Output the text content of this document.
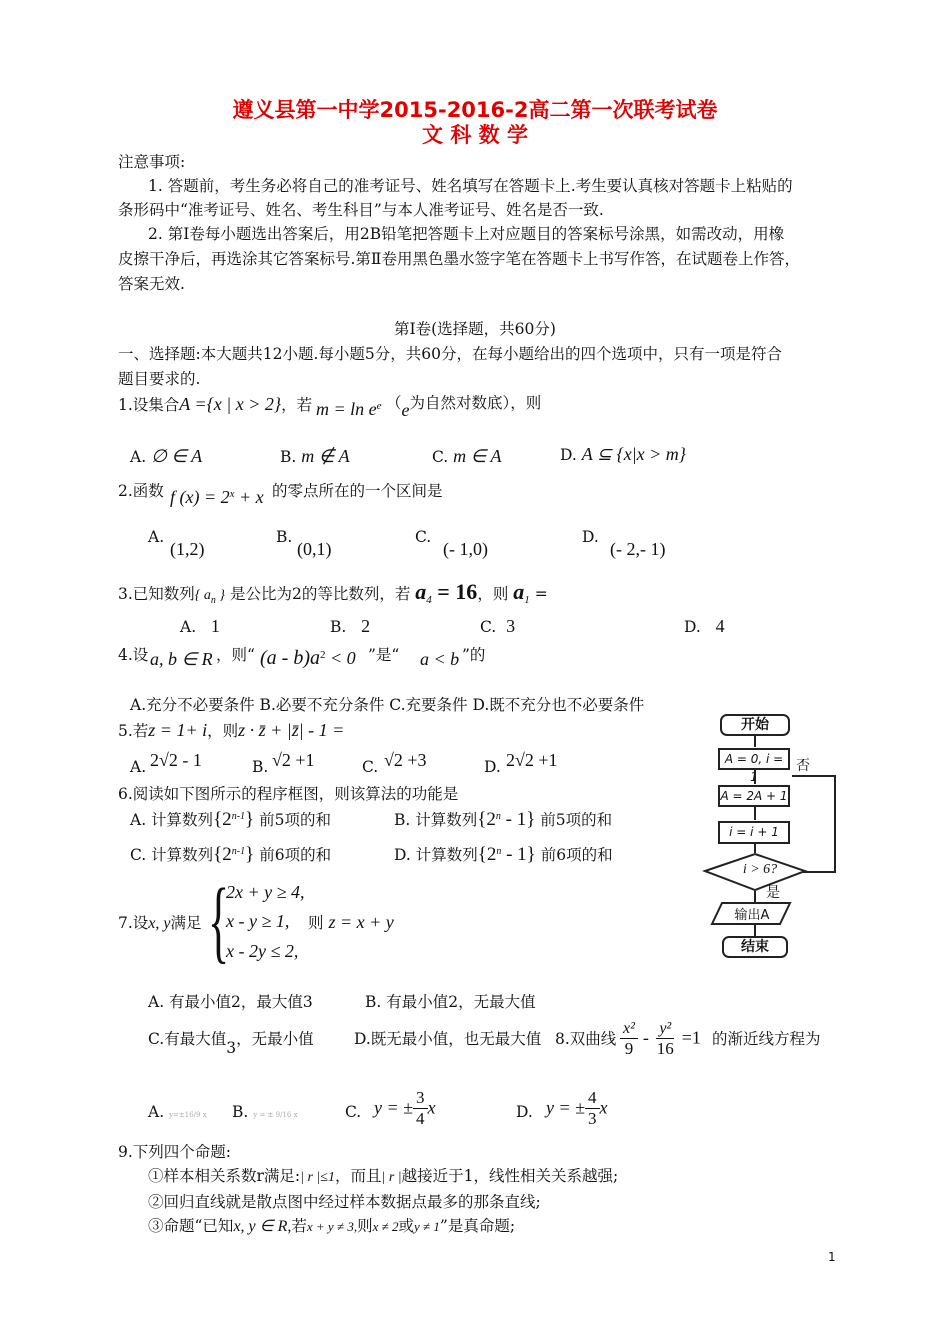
遵义县第一中学2015-2016-2高二第一次联考试卷
文 科 数 学
注意事项:
1. 答题前，考生务必将自己的准考证号、姓名填写在答题卡上.考生要认真核对答题卡上粘贴的
条形码中“准考证号、姓名、考生科目”与本人准考证号、姓名是否一致.
2. 第Ⅰ卷每小题选出答案后，用2B铅笔把答题卡上对应题目的答案标号涂黑，如需改动，用橡
皮擦干净后，再选涂其它答案标号.第Ⅱ卷用黑色墨水签字笔在答题卡上书写作答，在试题卷上作答，
答案无效.
第Ⅰ卷(选择题，共60分)
一、选择题:本大题共12小题.每小题5分，共60分，在每小题给出的四个选项中，只有一项是符合
题目要求的.
1.设集合A ={x | x > 2}，若 $m = \ln e^e$ （e为自然对数底），则
A. ∅ ∈ A	B. m ∉ A	C. m ∈ A	D. A ⊆ {x|x > m}
2.函数 f $(x) = 2^x + x$ 的零点所在的一个区间是
A.
(1,2)
B.
(0,1)
C.
(- 1,0)
D.
(- 2,- 1)
3.已知数列{ $a_n$ } 是公比为2的等比数列，若 $a_4 = 16$，则 $a_1$ =
A. 1	B. 2	C. 3	D. 4
4.设 a, b ∈ R ，则“ $(a - b)a^2 < 0$ ”是“ a < b ”的
A.充分不必要条件 B.必要不充分条件 C.充要条件 D.既不充分也不必要条件
5.若z = 1+ i，则z · z̄ + |z̄| - 1 =
A. 2√2 - 1	B. √2 +1	C. √2 +3	D. 2√2 +1
6.阅读如下图所示的程序框图，则该算法的功能是
A. 计算数列{2$^{n-1}$} 前5项的和	B. 计算数列{2$^n$ - 1} 前5项的和
C. 计算数列{2$^{n-1}$} 前6项的和	D. 计算数列{2$^n$ - 1} 前6项的和
开始
A = 0, i = 1
否
A = 2A + 1
i = i + 1
i > 6?
是
输出A
结束
7.设x, y满足 {
2x + y ≥ 4,
x - y ≥ 1,
x - 2y ≤ 2,
则 z = x + y
A. 有最小值2，最大值3	B. 有最小值2，无最大值
C.有最大值3，无最小值	D.既无最小值，也无最大值 8.双曲线 $\frac{\text{x²}}{9} - \frac{\text{y²}}{16} =1$ 的渐近线方程为
A. y=±16/9 x B. y = ± 9/16 x	C. y = ± $\frac{3}{4}$ x	D. y = ± $\frac{4}{3}$ x
9.下列四个命题:
①样本相关系数r满足:| r |≤1，而且| r |越接近于1，线性相关关系越强;
②回归直线就是散点图中经过样本数据点最多的那条直线;
③命题“已知x, y ∈ R,若x + y ≠ 3,则x ≠ 2或y ≠ 1”是真命题;
1
